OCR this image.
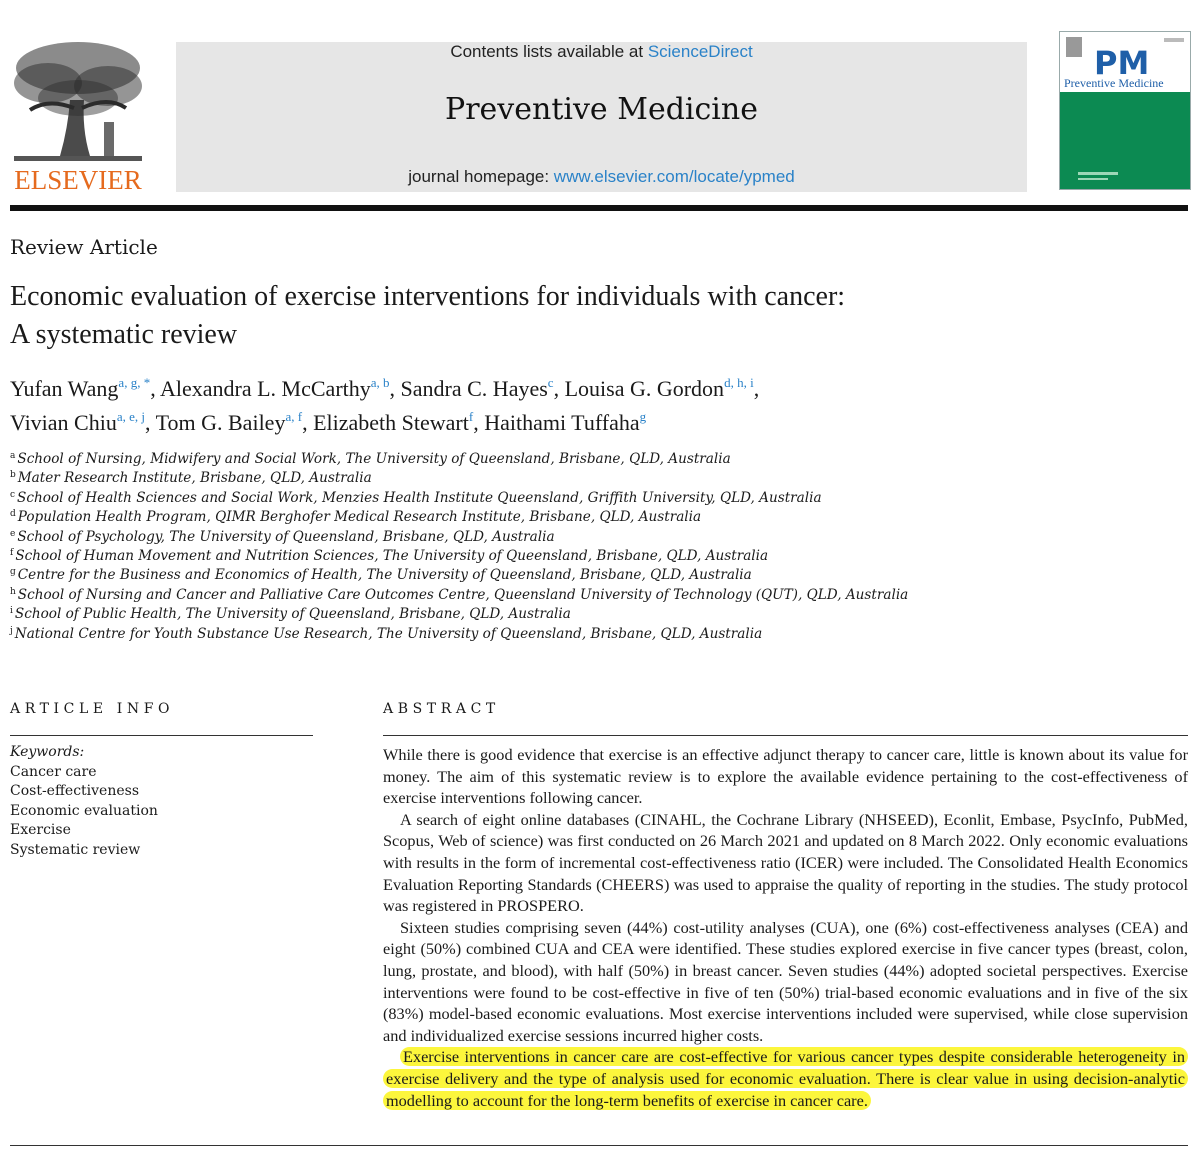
ELSEVIER
Contents lists available at ScienceDirect
Preventive Medicine
journal homepage: www.elsevier.com/locate/ypmed
PM
Preventive Medicine
Review Article
Economic evaluation of exercise interventions for individuals with cancer:
A systematic review
Yufan Wang$^{a, g, *}$, Alexandra L. McCarthy$^{a, b}$, Sandra C. Hayes$^c$, Louisa G. Gordon$^{d, h, i}$,
Vivian Chiu$^{a, e, j}$, Tom G. Bailey$^{a, f}$, Elizabeth Stewart$^f$, Haithami Tuffaha$^g$
$^a$ School of Nursing, Midwifery and Social Work, The University of Queensland, Brisbane, QLD, Australia
$^b$ Mater Research Institute, Brisbane, QLD, Australia
$^c$ School of Health Sciences and Social Work, Menzies Health Institute Queensland, Griffith University, QLD, Australia
$^d$ Population Health Program, QIMR Berghofer Medical Research Institute, Brisbane, QLD, Australia
$^e$ School of Psychology, The University of Queensland, Brisbane, QLD, Australia
$^f$ School of Human Movement and Nutrition Sciences, The University of Queensland, Brisbane, QLD, Australia
$^g$ Centre for the Business and Economics of Health, The University of Queensland, Brisbane, QLD, Australia
$^h$ School of Nursing and Cancer and Palliative Care Outcomes Centre, Queensland University of Technology (QUT), QLD, Australia
$^i$ School of Public Health, The University of Queensland, Brisbane, QLD, Australia
$^j$ National Centre for Youth Substance Use Research, The University of Queensland, Brisbane, QLD, Australia
ARTICLE INFO	ABSTRACT
Keywords:
Cancer care
Cost-effectiveness
Economic evaluation
Exercise
Systematic review

While there is good evidence that exercise is an effective adjunct therapy to cancer care, little is known about its value for money. The aim of this systematic review is to explore the available evidence pertaining to the cost-effectiveness of exercise interventions following cancer.

A search of eight online databases (CINAHL, the Cochrane Library (NHSEED), Econlit, Embase, PsycInfo, PubMed, Scopus, Web of science) was first conducted on 26 March 2021 and updated on 8 March 2022. Only economic evaluations with results in the form of incremental cost-effectiveness ratio (ICER) were included. The Consolidated Health Economics Evaluation Reporting Standards (CHEERS) was used to appraise the quality of reporting in the studies. The study protocol was registered in PROSPERO.

Sixteen studies comprising seven (44%) cost-utility analyses (CUA), one (6%) cost-effectiveness analyses (CEA) and eight (50%) combined CUA and CEA were identified. These studies explored exercise in five cancer types (breast, colon, lung, prostate, and blood), with half (50%) in breast cancer. Seven studies (44%) adopted societal perspectives. Exercise interventions were found to be cost-effective in five of ten (50%) trial-based economic evaluations and in five of the six (83%) model-based economic evaluations. Most exercise interventions included were supervised, while close supervision and individualized exercise sessions incurred higher costs.

Exercise interventions in cancer care are cost-effective for various cancer types despite considerable heterogeneity in exercise delivery and the type of analysis used for economic evaluation. There is clear value in using decision-analytic modelling to account for the long-term benefits of exercise in cancer care.
